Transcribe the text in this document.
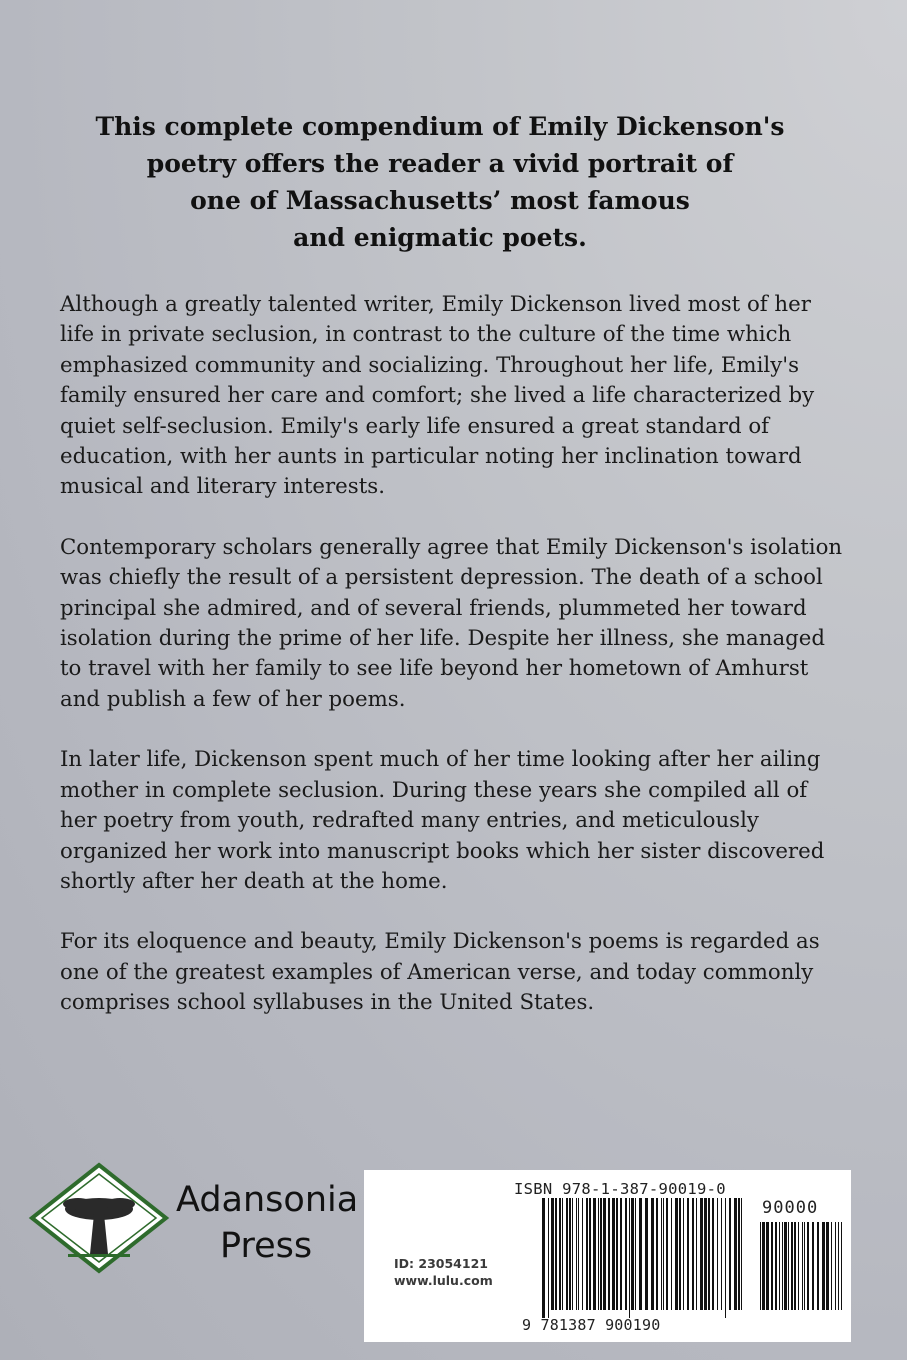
This complete compendium of Emily Dickenson's
poetry offers the reader a vivid portrait of
one of Massachusetts’ most famous
and enigmatic poets.

Although a greatly talented writer, Emily Dickenson lived most of her
life in private seclusion, in contrast to the culture of the time which
emphasized community and socializing. Throughout her life, Emily's
family ensured her care and comfort; she lived a life characterized by
quiet self-seclusion. Emily's early life ensured a great standard of
education, with her aunts in particular noting her inclination toward
musical and literary interests.

Contemporary scholars generally agree that Emily Dickenson's isolation
was chiefly the result of a persistent depression. The death of a school
principal she admired, and of several friends, plummeted her toward
isolation during the prime of her life. Despite her illness, she managed
to travel with her family to see life beyond her hometown of Amhurst
and publish a few of her poems.

In later life, Dickenson spent much of her time looking after her ailing
mother in complete seclusion. During these years she compiled all of
her poetry from youth, redrafted many entries, and meticulously
organized her work into manuscript books which her sister discovered
shortly after her death at the home.

For its eloquence and beauty, Emily Dickenson's poems is regarded as
one of the greatest examples of American verse, and today commonly
comprises school syllabuses in the United States.

Adansonia
Press
ISBN 978-1-387-90019-0
90000
9 781387 900190
ID: 23054121
www.lulu.com
